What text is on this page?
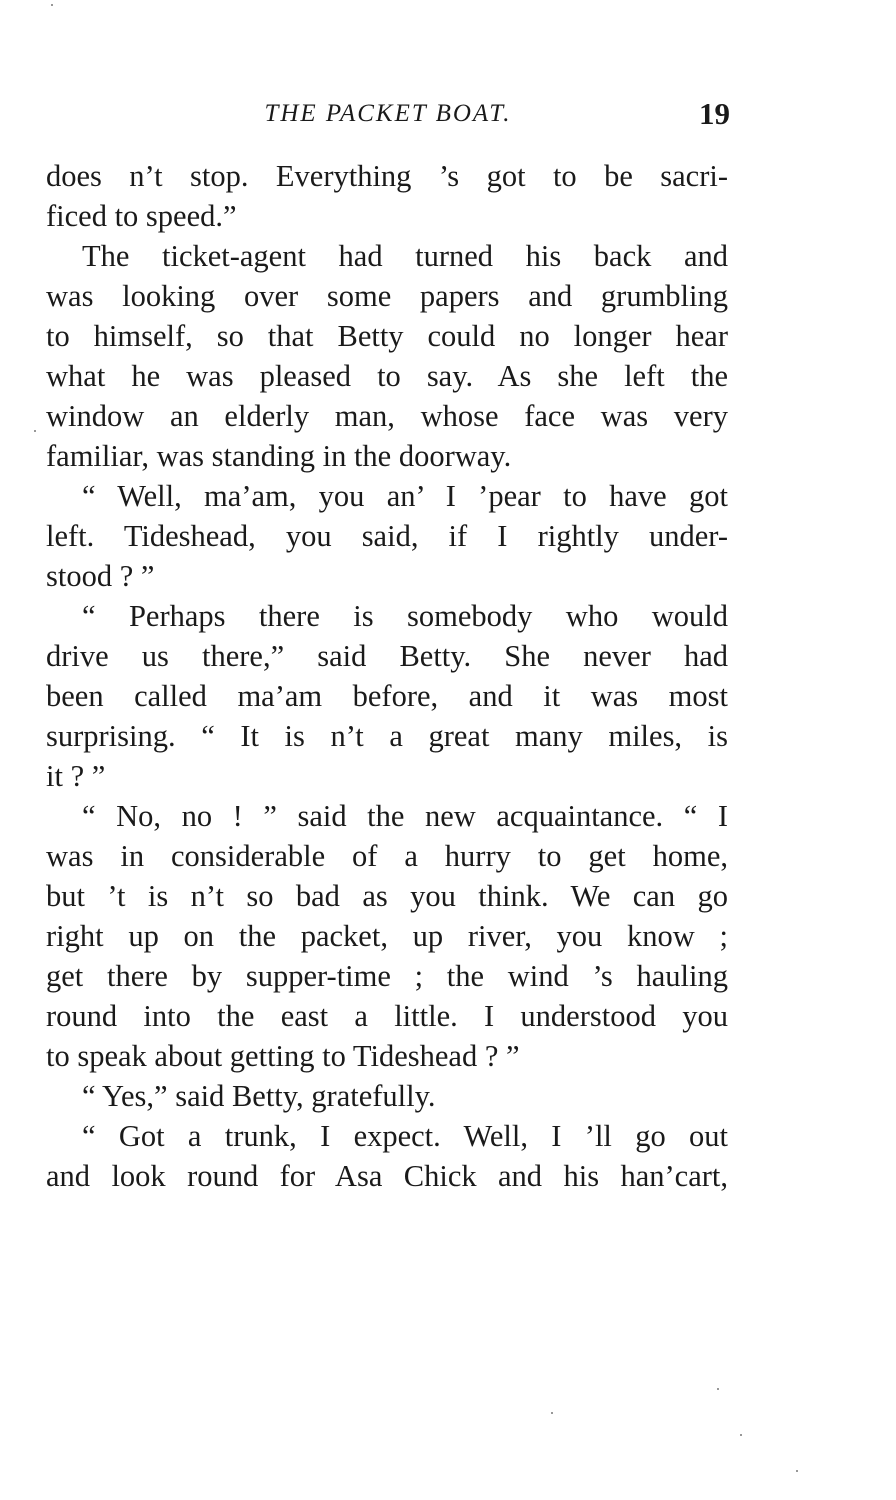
THE PACKET BOAT.	19
does n’t stop. Everything ’s got to be sacri-
ficed to speed.”
The ticket-agent had turned his back and
was looking over some papers and grumbling
to himself, so that Betty could no longer hear
what he was pleased to say. As she left the
window an elderly man, whose face was very
familiar, was standing in the doorway.
“ Well, ma’am, you an’ I ’pear to have got
left. Tideshead, you said, if I rightly under-
stood ? ”
“ Perhaps there is somebody who would
drive us there,” said Betty. She never had
been called ma’am before, and it was most
surprising. “ It is n’t a great many miles, is
it ? ”
“ No, no ! ” said the new acquaintance. “ I
was in considerable of a hurry to get home,
but ’t is n’t so bad as you think. We can go
right up on the packet, up river, you know ;
get there by supper-time ; the wind ’s hauling
round into the east a little. I understood you
to speak about getting to Tideshead ? ”
“ Yes,” said Betty, gratefully.
“ Got a trunk, I expect. Well, I ’ll go out
and look round for Asa Chick and his han’cart,
